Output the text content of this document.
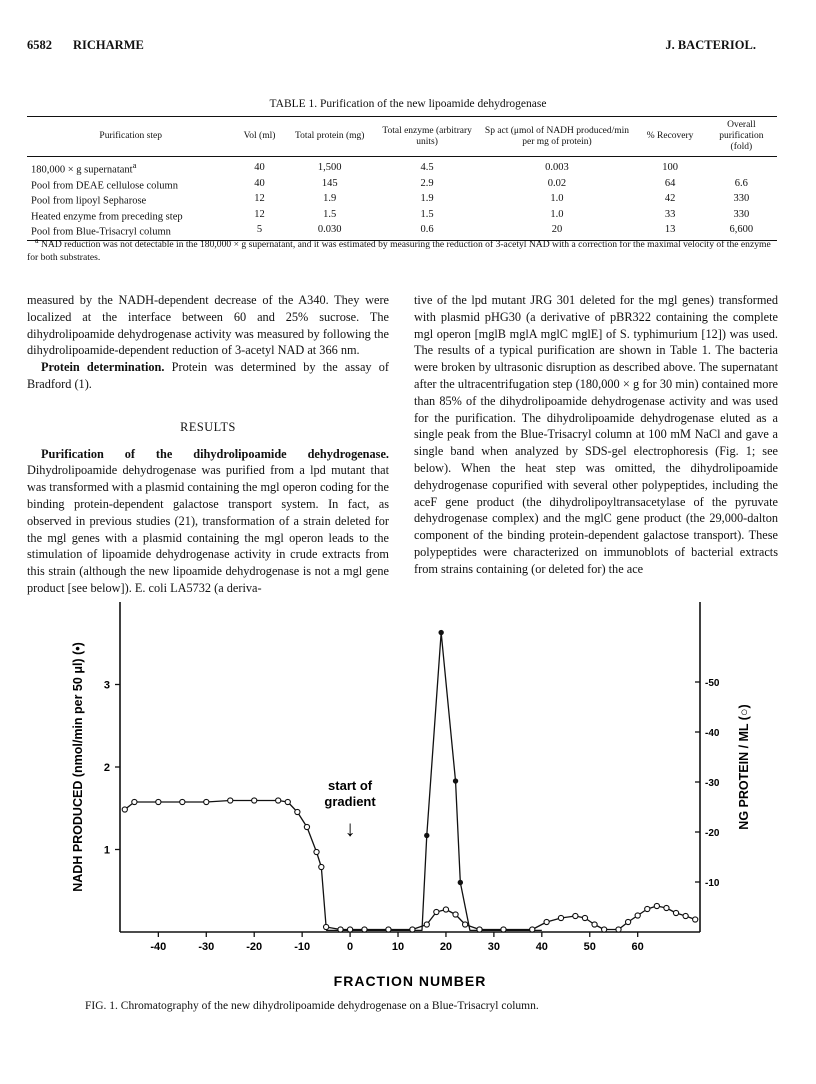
6582 RICHARME	J. BACTERIOL.
TABLE 1. Purification of the new lipoamide dehydrogenase
Purification step	Vol (ml)	Total protein (mg)	Total enzyme (arbitrary units)	Sp act (μmol of NADH produced/min per mg of protein)	% Recovery	Overall purification (fold)
180,000 × g supernatant$^a$	40	1,500	4.5	0.003	100	
Pool from DEAE cellulose column	40	145	2.9	0.02	64	6.6
Pool from lipoyl Sepharose	12	1.9	1.9	1.0	42	330
Heated enzyme from preceding step	12	1.5	1.5	1.0	33	330
Pool from Blue-Trisacryl column	5	0.030	0.6	20	13	6,600
$^a$ NAD reduction was not detectable in the 180,000 × g supernatant, and it was estimated by measuring the reduction of 3-acetyl NAD with a correction for the maximal velocity of the enzyme for both substrates.

measured by the NADH-dependent decrease of the A340. They were localized at the interface between 60 and 25% sucrose. The dihydrolipoamide dehydrogenase activity was measured by following the dihydrolipoamide-dependent reduction of 3-acetyl NAD at 366 nm.

Protein determination. Protein was determined by the assay of Bradford (1).

RESULTS

Purification of the dihydrolipoamide dehydrogenase. Dihydrolipoamide dehydrogenase was purified from a lpd mutant that was transformed with a plasmid containing the mgl operon coding for the binding protein-dependent galactose transport system. In fact, as observed in previous studies (21), transformation of a strain deleted for the mgl genes with a plasmid containing the mgl operon leads to the stimulation of lipoamide dehydrogenase activity in crude extracts from this strain (although the new lipoamide dehydrogenase is not a mgl gene product [see below]). E. coli LA5732 (a deriva-

tive of the lpd mutant JRG 301 deleted for the mgl genes) transformed with plasmid pHG30 (a derivative of pBR322 containing the complete mgl operon [mglB mglA mglC mglE] of S. typhimurium [12]) was used. The results of a typical purification are shown in Table 1. The bacteria were broken by ultrasonic disruption as described above. The supernatant after the ultracentrifugation step (180,000 × g for 30 min) contained more than 85% of the dihydrolipoamide dehydrogenase activity and was used for the purification. The dihydrolipoamide dehydrogenase eluted as a single peak from the Blue-Trisacryl column at 100 mM NaCl and gave a single band when analyzed by SDS-gel electrophoresis (Fig. 1; see below). When the heat step was omitted, the dihydrolipoamide dehydrogenase copurified with several other polypeptides, including the aceF gene product (the dihydrolipoyltransacetylase of the pyruvate dehydrogenase complex) and the mglC gene product (the 29,000-dalton component of the binding protein-dependent galactose transport). These polypeptides were characterized on immunoblots of bacterial extracts from strains containing (or deleted for) the ace

-40	-30	-20	-10	0	10	20	30	40	50	60
1
2
3
-10
-20
-30
-40
-50
FRACTION NUMBER
NADH PRODUCED (nmol/min per 50 μl) (•)	NG PROTEIN / ML (○)
start of
gradient
↓
FIG. 1. Chromatography of the new dihydrolipoamide dehydrogenase on a Blue-Trisacryl column.
